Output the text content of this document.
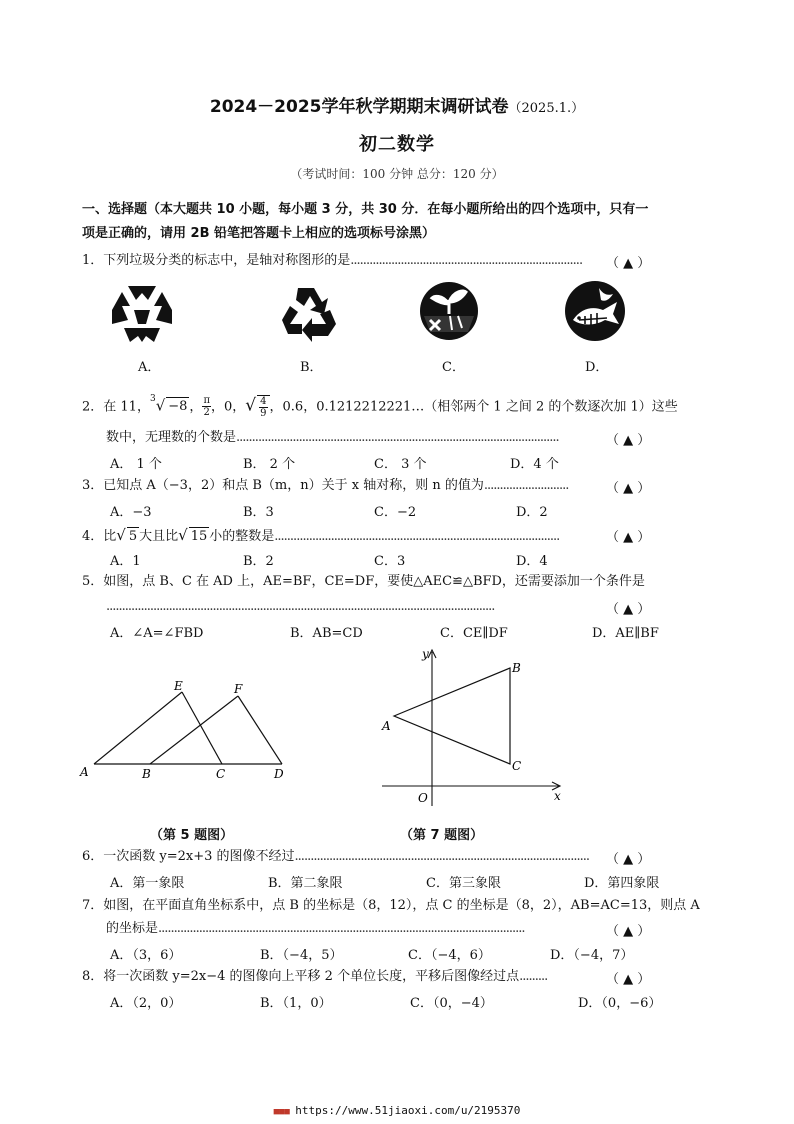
2024－2025学年秋学期期末调研试卷（2025.1.）
初二数学
（考试时间：100 分钟 总分：120 分）
一、选择题（本大题共 10 小题，每小题 3 分，共 30 分．在每小题所给出的四个选项中，只有一
项是正确的，请用 2B 铅笔把答题卡上相应的选项标号涂黑）
1．下列垃圾分类的标志中，是轴对称图形的是.......................................................................... （ ▲ ）
A．	B．	C．	D．
2．在 11，$^3$√ −8 ， $\frac{\pi}{2}$ ，0，√ $\frac{4}{9}$ ，0.6，0.1212212221…（相邻两个 1 之间 2 的个数逐次加 1）这些
数中，无理数的个数是.......................................................................................................	（ ▲ ）
A． 1 个	B． 2 个	C． 3 个	D．4 个
3．已知点 A（−3，2）和点 B（m，n）关于 x 轴对称，则 n 的值为...........................	（ ▲ ）
A．−3	B．3	C．−2	D．2
4．比√ 5 大且比√ 15 小的整数是...........................................................................................	（ ▲ ）
A．1	B．2	C．3	D．4
5．如图，点 B、C 在 AD 上，AE=BF，CE=DF，要使△AEC≌△BFD，还需要添加一个条件是
............................................................................................................................	（ ▲ ）
A．∠A=∠FBD	B．AB=CD	C．CE∥DF	D．AE∥BF
E	F
A	B	C	D
（第 5 题图）
y
B
A
C
O	x
（第 7 题图）
6．一次函数 y=2x+3 的图像不经过.............................................................................................. （ ▲ ）
A．第一象限	B．第二象限	C．第三象限	D．第四象限
7．如图，在平面直角坐标系中，点 B 的坐标是（8，12），点 C 的坐标是（8，2），AB=AC=13，则点 A
的坐标是.....................................................................................................................	（ ▲ ）
A．（3，6）	B．（−4，5）	C．（−4，6）	D．（−4，7）
8．将一次函数 y=2x−4 的图像向上平移 2 个单位长度，平移后图像经过点.........	（ ▲ ）
A．（2，0）	B．（1，0）	C．（0，−4）	D．（0，−6）
■■■ https://www.51jiaoxi.com/u/2195370
